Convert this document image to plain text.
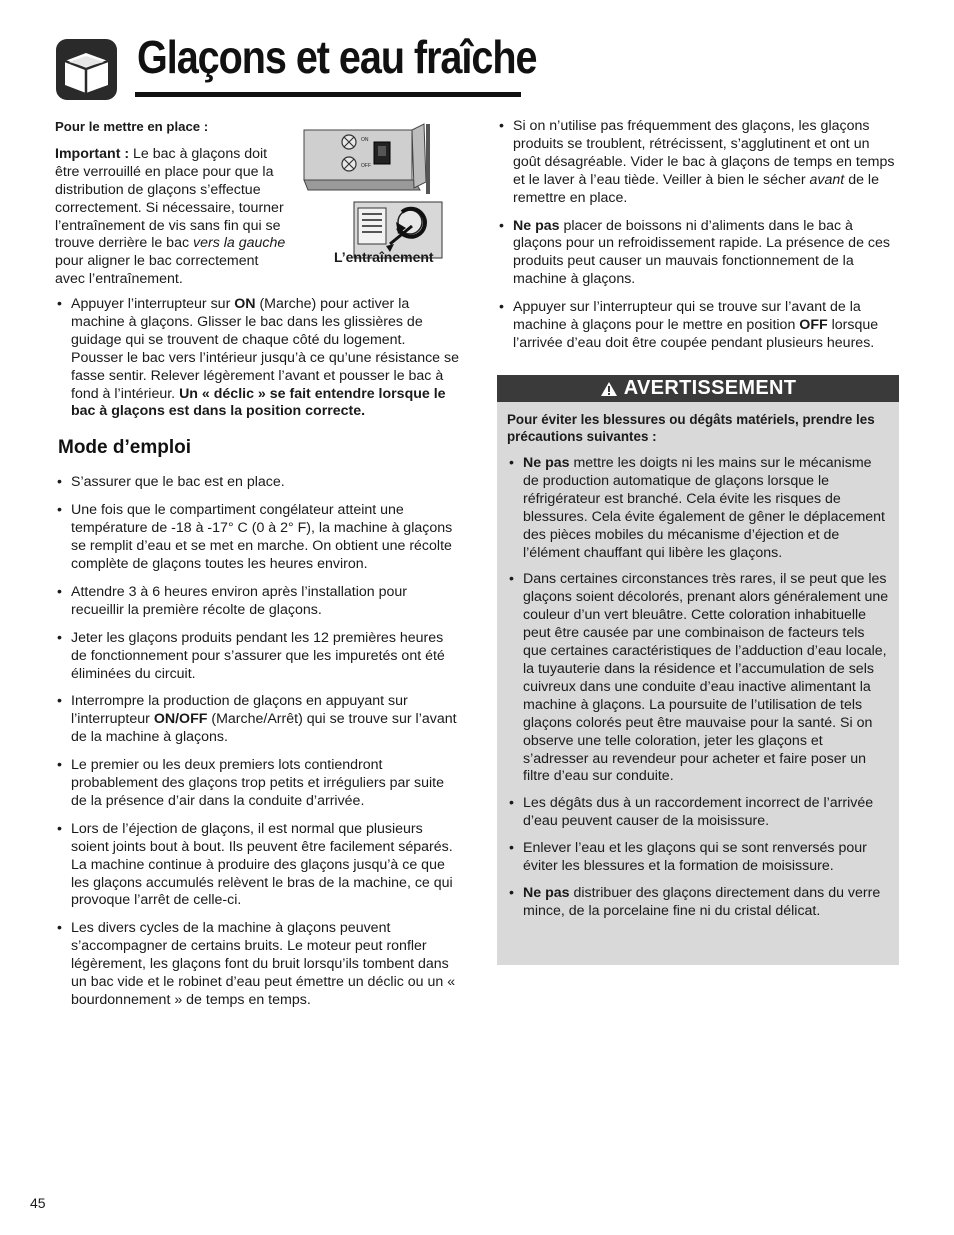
Glaçons et eau fraîche

Pour le mettre en place :

Important : Le bac à glaçons doit être verrouillé en place pour que la distribution de glaçons s’effectue correctement. Si nécessaire, tourner l’entraînement de vis sans fin qui se trouve derrière le bac vers la gauche pour aligner le bac correctement avec l’entraînement.

ON
OFF
L’entraînement
• Appuyer l’interrupteur sur ON (Marche) pour activer la machine à glaçons. Glisser le bac dans les glissières de guidage qui se trouvent de chaque côté du logement. Pousser le bac vers l’intérieur jusqu’à ce qu’une résistance se fasse sentir. Relever légèrement l’avant et pousser le bac à fond à l’intérieur. Un « déclic » se fait entendre lorsque le bac à glaçons est dans la position correcte.
Mode d’emploi
• S’assurer que le bac est en place.
• Une fois que le compartiment congélateur atteint une température de -18 à -17° C (0 à 2° F), la machine à glaçons se remplit d’eau et se met en marche. On obtient une récolte complète de glaçons toutes les heures environ.
• Attendre 3 à 6 heures environ après l’installation pour recueillir la première récolte de glaçons.
• Jeter les glaçons produits pendant les 12 premières heures de fonctionnement pour s’assurer que les impuretés ont été éliminées du circuit.
• Interrompre la production de glaçons en appuyant sur l’interrupteur ON/OFF (Marche/Arrêt) qui se trouve sur l’avant de la machine à glaçons.
• Le premier ou les deux premiers lots contiendront probablement des glaçons trop petits et irréguliers par suite de la présence d’air dans la conduite d’arrivée.
• Lors de l’éjection de glaçons, il est normal que plusieurs soient joints bout à bout. Ils peuvent être facilement séparés. La machine continue à produire des glaçons jusqu’à ce que les glaçons accumulés relèvent le bras de la machine, ce qui provoque l’arrêt de celle-ci.
• Les divers cycles de la machine à glaçons peuvent s’accompagner de certains bruits. Le moteur peut ronfler légèrement, les glaçons font du bruit lorsqu’ils tombent dans un bac vide et le robinet d’eau peut émettre un déclic ou un « bourdonnement » de temps en temps.
• Si on n’utilise pas fréquemment des glaçons, les glaçons produits se troublent, rétrécissent, s’agglutinent et ont un goût désagréable. Vider le bac à glaçons de temps en temps et le laver à l’eau tiède. Veiller à bien le sécher avant de le remettre en place.
• Ne pas placer de boissons ni d’aliments dans le bac à glaçons pour un refroidissement rapide. La présence de ces produits peut causer un mauvais fonctionnement de la machine à glaçons.
• Appuyer sur l’interrupteur qui se trouve sur l’avant de la machine à glaçons pour le mettre en position OFF lorsque l’arrivée d’eau doit être coupée pendant plusieurs heures.
AVERTISSEMENT

Pour éviter les blessures ou dégâts matériels, prendre les précautions suivantes :

• Ne pas mettre les doigts ni les mains sur le mécanisme de production automatique de glaçons lorsque le réfrigérateur est branché. Cela évite les risques de blessures. Cela évite également de gêner le déplacement des pièces mobiles du mécanisme d’éjection et de l’élément chauffant qui libère les glaçons.
• Dans certaines circonstances très rares, il se peut que les glaçons soient décolorés, prenant alors généralement une couleur d’un vert bleuâtre. Cette coloration inhabituelle peut être causée par une combinaison de facteurs tels que certaines caractéristiques de l’adduction d’eau locale, la tuyauterie dans la résidence et l’accumulation de sels cuivreux dans une conduite d’eau inactive alimentant la machine à glaçons. La poursuite de l’utilisation de tels glaçons colorés peut être mauvaise pour la santé. Si on observe une telle coloration, jeter les glaçons et s’adresser au revendeur pour acheter et faire poser un filtre d’eau sur conduite.
• Les dégâts dus à un raccordement incorrect de l’arrivée d’eau peuvent causer de la moisissure.
• Enlever l’eau et les glaçons qui se sont renversés pour éviter les blessures et la formation de moisissure.
• Ne pas distribuer des glaçons directement dans du verre mince, de la porcelaine fine ni du cristal délicat.
45
